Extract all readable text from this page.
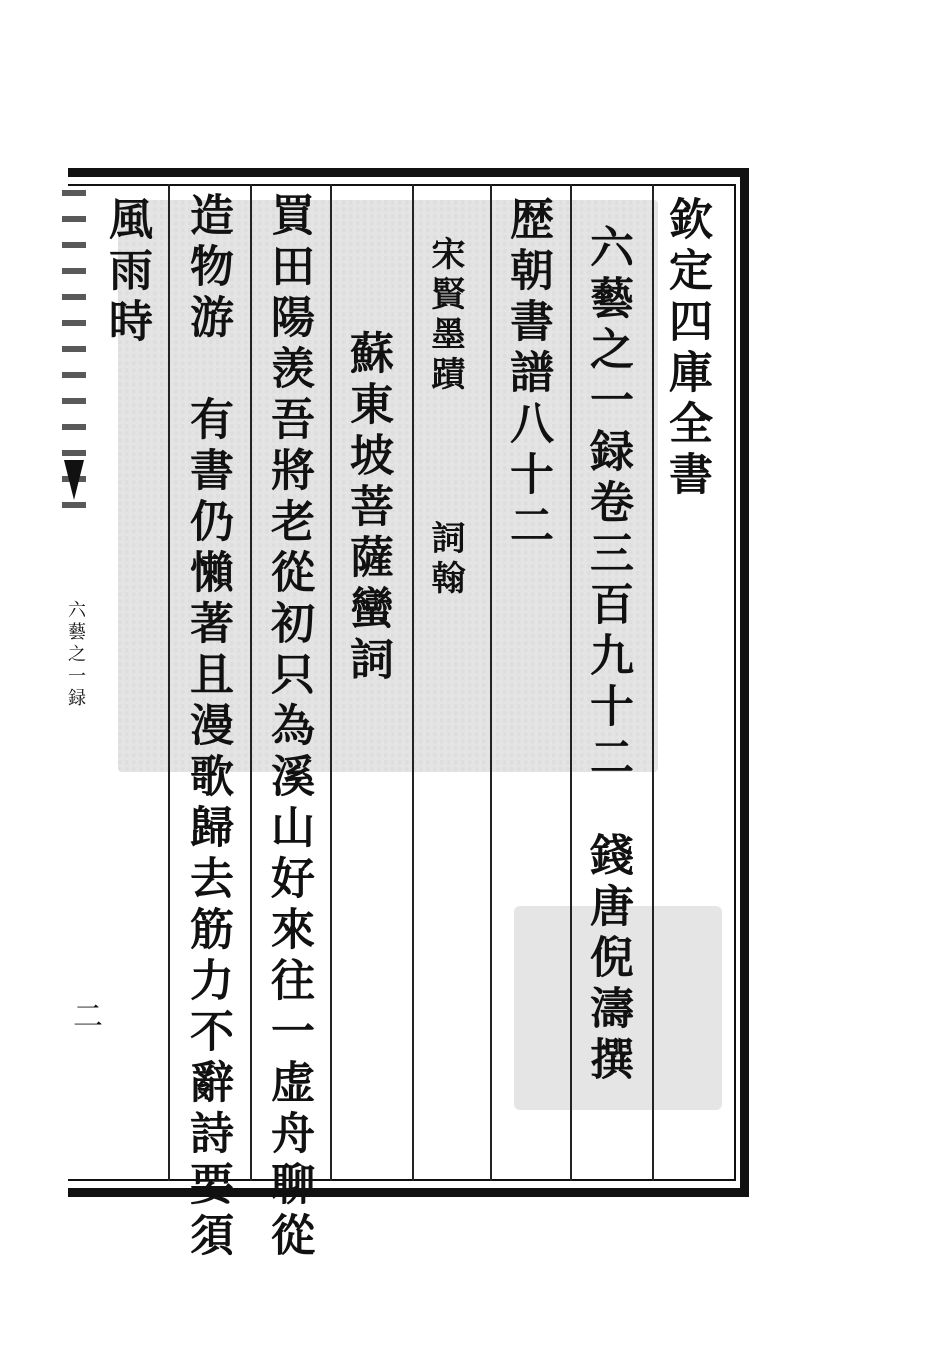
欽定四庫全書
六藝之一録卷三百九十二
錢唐倪濤撰
歴朝書譜八十二
宋賢墨蹟
詞翰
蘇東坡菩薩蠻詞
買田陽羡吾將老從初只為溪山好來往一虚舟聊從
造物游　有書仍懶著且漫歌歸去筋力不辭詩要須
風雨時
六藝之一録
二
